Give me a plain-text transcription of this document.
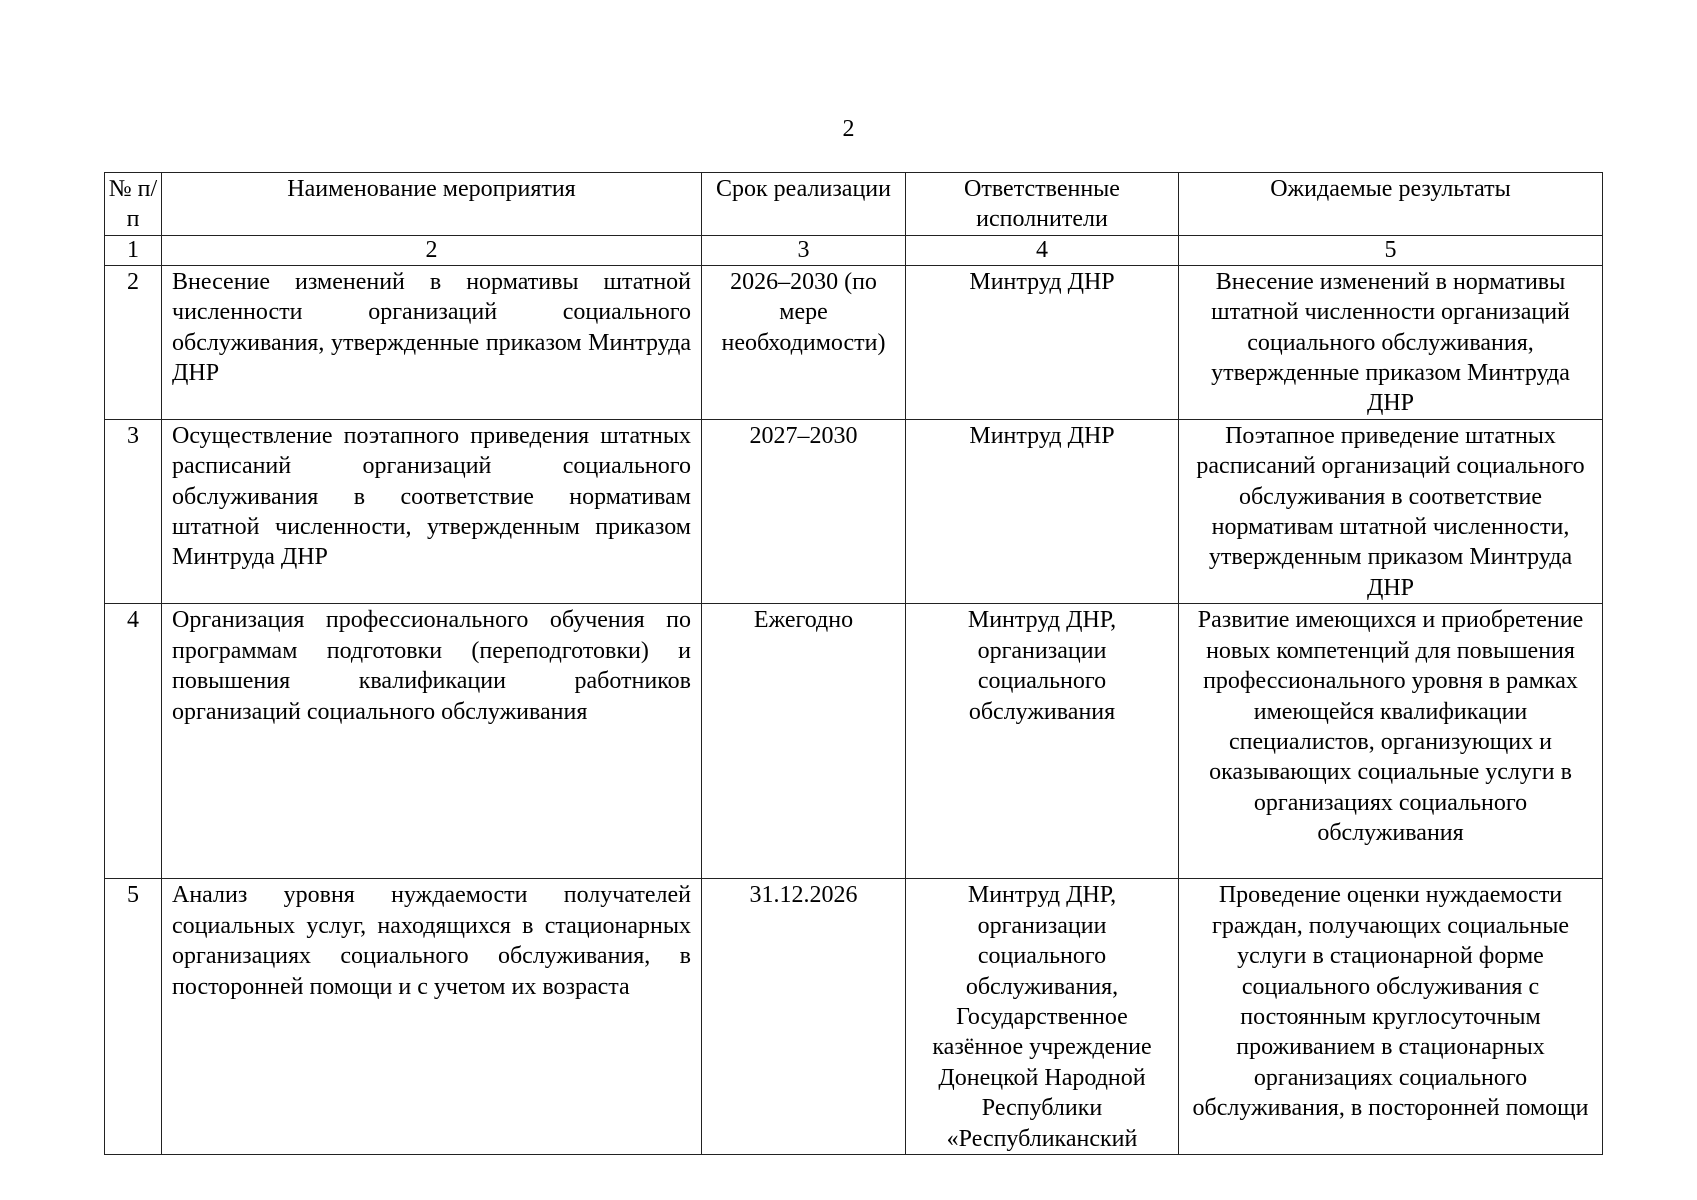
2
№ п/п	Наименование мероприятия	Срок реализации	Ответственные исполнители	Ожидаемые результаты
1	2	3	4	5
2	Внесение изменений в нормативы штатной численности организаций социального обслуживания, утвержденные приказом Минтруда ДНР	2026–2030 (по мере необходимости)	Минтруд ДНР	Внесение изменений в нормативы штатной численности организаций социального обслуживания, утвержденные приказом Минтруда ДНР
3	Осуществление поэтапного приведения штатных расписаний организаций социального обслуживания в соответствие нормативам штатной численности, утвержденным приказом Минтруда ДНР	2027–2030	Минтруд ДНР	Поэтапное приведение штатных расписаний организаций социального обслуживания в соответствие нормативам штатной численности, утвержденным приказом Минтруда ДНР
4	Организация профессионального обучения по программам подготовки (переподготовки) и повышения квалификации работников организаций социального обслуживания	Ежегодно	Минтруд ДНР, организации социального обслуживания	Развитие имеющихся и приобретение новых компетенций для повышения профессионального уровня в рамках имеющейся квалификации специалистов, организующих и оказывающих социальные услуги в организациях социального обслуживания
5	Анализ уровня нуждаемости получателей социальных услуг, находящихся в стационарных организациях социального обслуживания, в посторонней помощи и с учетом их возраста	31.12.2026	Минтруд ДНР, организации социального обслуживания, Государственное казённое учреждение Донецкой Народной Республики «Республиканский	Проведение оценки нуждаемости граждан, получающих социальные услуги в стационарной форме социального обслуживания с постоянным круглосуточным проживанием в стационарных организациях социального обслуживания, в посторонней помощи
